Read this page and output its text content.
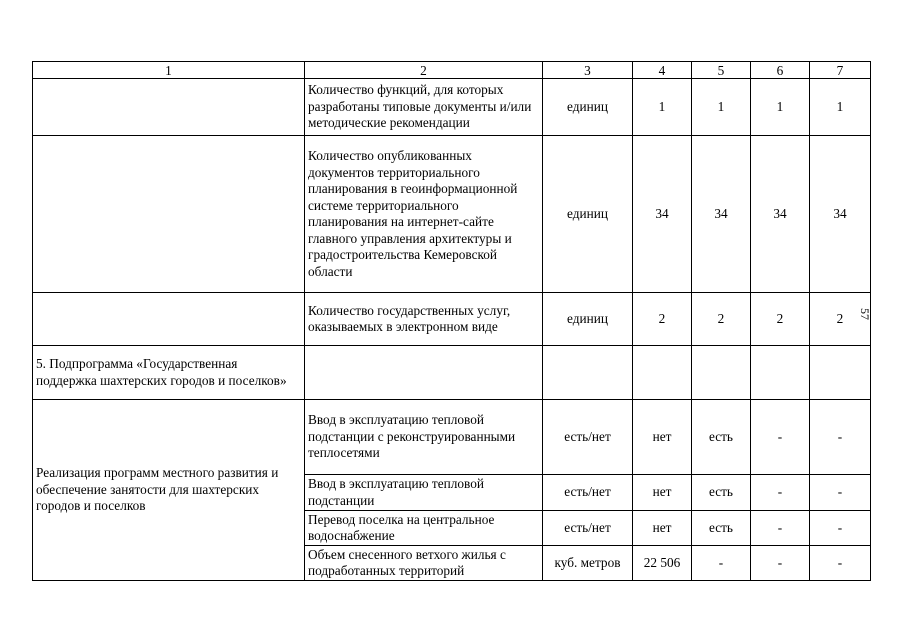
1	2	3	4	5	6	7
	Количество функций, для которых разработаны типовые документы и/или методические рекомендации	единиц	1	1	1	1
	Количество опубликованных документов территориального планирования в геоинформационной системе территориального планирования на интернет-сайте главного управления архитектуры и градостроительства Кемеровской области	единиц	34	34	34	34
	Количество государственных услуг, оказываемых в электронном виде	единиц	2	2	2	2
5. Подпрограмма «Государственная поддержка шахтерских городов и поселков»						
Реализация программ местного развития и обеспечение занятости для шахтерских городов и поселков	Ввод в эксплуатацию тепловой подстанции с реконструированными теплосетями	есть/нет	нет	есть	-	-
	Ввод в эксплуатацию тепловой подстанции	есть/нет	нет	есть	-	-
	Перевод поселка на центральное водоснабжение	есть/нет	нет	есть	-	-
	Объем снесенного ветхого жилья с подработанных территорий	куб. метров	22 506	-	-	-
57
